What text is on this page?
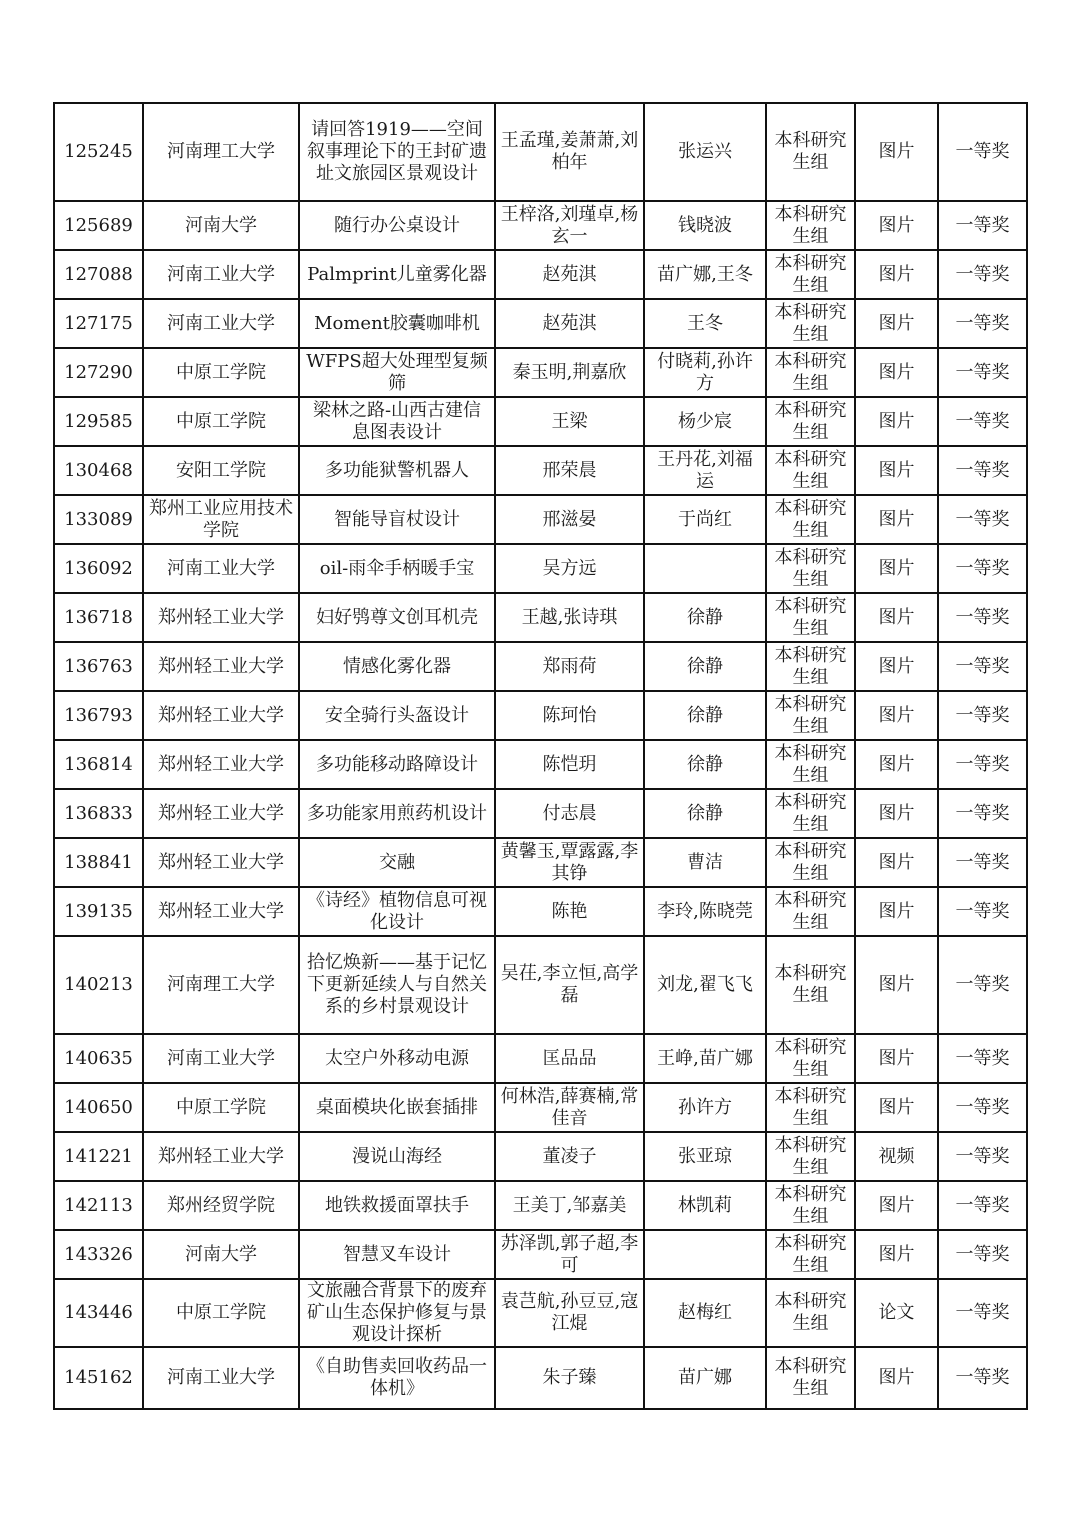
125245	河南理工大学	请回答1919——空间叙事理论下的王封矿遗址文旅园区景观设计	王孟瑾,姜萧萧,刘柏年	张运兴	本科研究生组	图片	一等奖
125689	河南大学	随行办公桌设计	王梓洛,刘瑾卓,杨玄一	钱晓波	本科研究生组	图片	一等奖
127088	河南工业大学	Palmprint儿童雾化器	赵苑淇	苗广娜,王冬	本科研究生组	图片	一等奖
127175	河南工业大学	Moment胶囊咖啡机	赵苑淇	王冬	本科研究生组	图片	一等奖
127290	中原工学院	WFPS超大处理型复频筛	秦玉明,荆嘉欣	付晓莉,孙许方	本科研究生组	图片	一等奖
129585	中原工学院	梁林之路-山西古建信息图表设计	王梁	杨少宸	本科研究生组	图片	一等奖
130468	安阳工学院	多功能狱警机器人	邢荣晨	王丹花,刘福运	本科研究生组	图片	一等奖
133089	郑州工业应用技术学院	智能导盲杖设计	邢滋晏	于尚红	本科研究生组	图片	一等奖
136092	河南工业大学	oil-雨伞手柄暖手宝	吴方远		本科研究生组	图片	一等奖
136718	郑州轻工业大学	妇好鸮尊文创耳机壳	王越,张诗琪	徐静	本科研究生组	图片	一等奖
136763	郑州轻工业大学	情感化雾化器	郑雨荷	徐静	本科研究生组	图片	一等奖
136793	郑州轻工业大学	安全骑行头盔设计	陈珂怡	徐静	本科研究生组	图片	一等奖
136814	郑州轻工业大学	多功能移动路障设计	陈恺玥	徐静	本科研究生组	图片	一等奖
136833	郑州轻工业大学	多功能家用煎药机设计	付志晨	徐静	本科研究生组	图片	一等奖
138841	郑州轻工业大学	交融	黄馨玉,覃露露,李其铮	曹洁	本科研究生组	图片	一等奖
139135	郑州轻工业大学	《诗经》植物信息可视化设计	陈艳	李玲,陈晓莞	本科研究生组	图片	一等奖
140213	河南理工大学	拾忆焕新——基于记忆下更新延续人与自然关系的乡村景观设计	吴茌,李立恒,高学磊	刘龙,翟飞飞	本科研究生组	图片	一等奖
140635	河南工业大学	太空户外移动电源	匡品品	王峥,苗广娜	本科研究生组	图片	一等奖
140650	中原工学院	桌面模块化嵌套插排	何林浩,薛赛楠,常佳音	孙许方	本科研究生组	图片	一等奖
141221	郑州轻工业大学	漫说山海经	董凌子	张亚琼	本科研究生组	视频	一等奖
142113	郑州经贸学院	地铁救援面罩扶手	王美丁,邹嘉美	林凯莉	本科研究生组	图片	一等奖
143326	河南大学	智慧叉车设计	苏泽凯,郭子超,李可		本科研究生组	图片	一等奖
143446	中原工学院	文旅融合背景下的废弃矿山生态保护修复与景观设计探析	袁芑航,孙豆豆,寇江焜	赵梅红	本科研究生组	论文	一等奖
145162	河南工业大学	《自助售卖回收药品一体机》	朱子臻	苗广娜	本科研究生组	图片	一等奖
